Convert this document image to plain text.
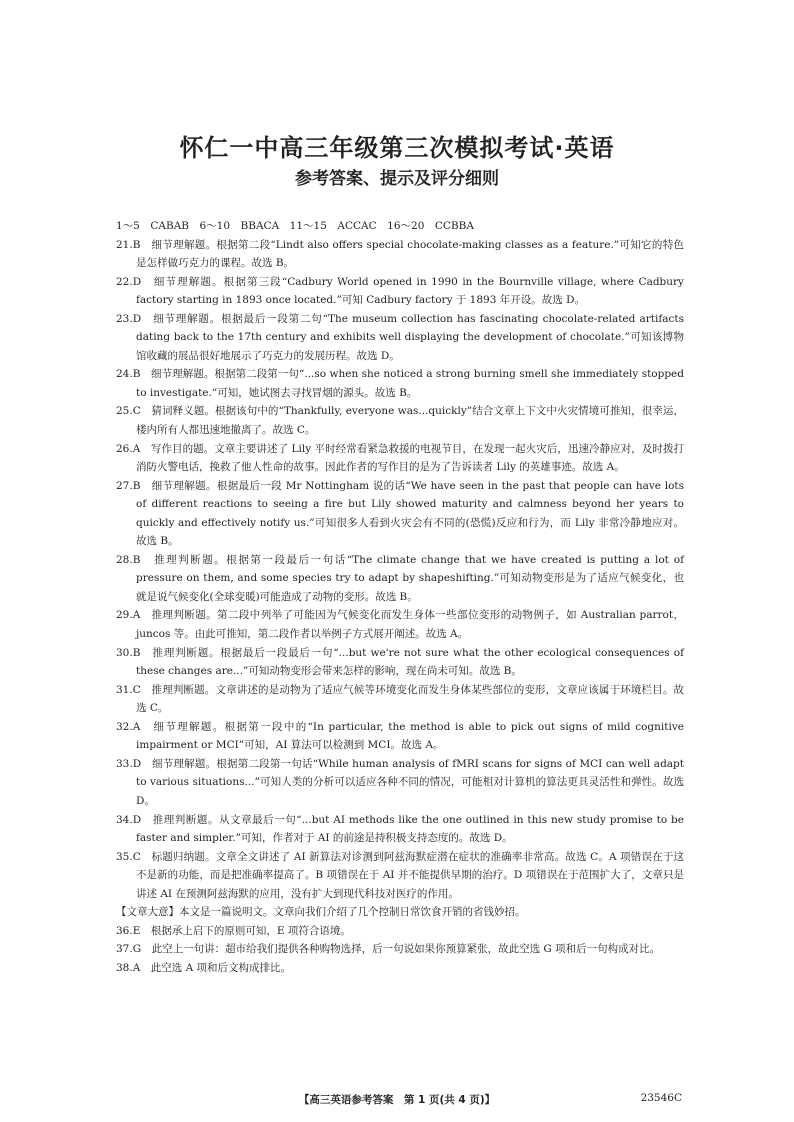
怀仁一中高三年级第三次模拟考试·英语
参考答案、提示及评分细则

1～5　CABAB　6～10　BBACA　11～15　ACCAC　16～20　CCBBA

21.B　细节理解题。根据第二段“Lindt also offers special chocolate-making classes as a feature.”可知它的特色是怎样做巧克力的课程。故选 B。

22.D　细节理解题。根据第三段“Cadbury World opened in 1990 in the Bournville village, where Cadbury factory starting in 1893 once located.”可知 Cadbury factory 于 1893 年开设。故选 D。

23.D　细节理解题。根据最后一段第二句“The museum collection has fascinating chocolate-related artifacts dating back to the 17th century and exhibits well displaying the development of chocolate.”可知该博物馆收藏的展品很好地展示了巧克力的发展历程。故选 D。

24.B　细节理解题。根据第二段第一句“...so when she noticed a strong burning smell she immediately stopped to investigate.”可知，她试图去寻找冒烟的源头。故选 B。

25.C　猜词释义题。根据该句中的“Thankfully, everyone was...quickly”结合文章上下文中火灾情境可推知，很幸运，楼内所有人都迅速地撤离了。故选 C。

26.A　写作目的题。文章主要讲述了 Lily 平时经常看紧急救援的电视节目，在发现一起火灾后，迅速冷静应对，及时拨打消防火警电话，挽救了他人性命的故事。因此作者的写作目的是为了告诉读者 Lily 的英雄事迹。故选 A。

27.B　细节理解题。根据最后一段 Mr Nottingham 说的话“We have seen in the past that people can have lots of different reactions to seeing a fire but Lily showed maturity and calmness beyond her years to quickly and effectively notify us.”可知很多人看到火灾会有不同的(恐慌)反应和行为，而 Lily 非常冷静地应对。故选 B。

28.B　推理判断题。根据第一段最后一句话“The climate change that we have created is putting a lot of pressure on them, and some species try to adapt by shapeshifting.”可知动物变形是为了适应气候变化，也就是说气候变化(全球变暖)可能造成了动物的变形。故选 B。

29.A　推理判断题。第二段中列举了可能因为气候变化而发生身体一些部位变形的动物例子，如 Australian parrot，juncos 等。由此可推知，第二段作者以举例子方式展开阐述。故选 A。

30.B　推理判断题。根据最后一段最后一句“...but we're not sure what the other ecological consequences of these changes are...”可知动物变形会带来怎样的影响，现在尚未可知。故选 B。

31.C　推理判断题。文章讲述的是动物为了适应气候等环境变化而发生身体某些部位的变形，文章应该属于环境栏目。故选 C。

32.A　细节理解题。根据第一段中的“In particular, the method is able to pick out signs of mild cognitive impairment or MCI”可知，AI 算法可以检测到 MCI。故选 A。

33.D　细节理解题。根据第二段第一句话“While human analysis of fMRI scans for signs of MCI can well adapt to various situations...”可知人类的分析可以适应各种不同的情况，可能相对计算机的算法更具灵活性和弹性。故选 D。

34.D　推理判断题。从文章最后一句“...but AI methods like the one outlined in this new study promise to be faster and simpler.”可知，作者对于 AI 的前途是持积极支持态度的。故选 D。

35.C　标题归纳题。文章全文讲述了 AI 新算法对诊测到阿兹海默症潜在症状的准确率非常高。故选 C。A 项错误在于这不是新的功能，而是把准确率提高了。B 项错误在于 AI 并不能提供早期的治疗。D 项错误在于范围扩大了，文章只是讲述 AI 在预测阿兹海默的应用，没有扩大到现代科技对医疗的作用。

【文章大意】本文是一篇说明文。文章向我们介绍了几个控制日常饮食开销的省钱妙招。

36.E　根据承上启下的原则可知，E 项符合语境。

37.G　此空上一句讲：超市给我们提供各种购物选择，后一句说如果你预算紧张，故此空选 G 项和后一句构成对比。

38.A　此空选 A 项和后文构成排比。

【高三英语参考答案　第 1 页(共 4 页)】	23546C
